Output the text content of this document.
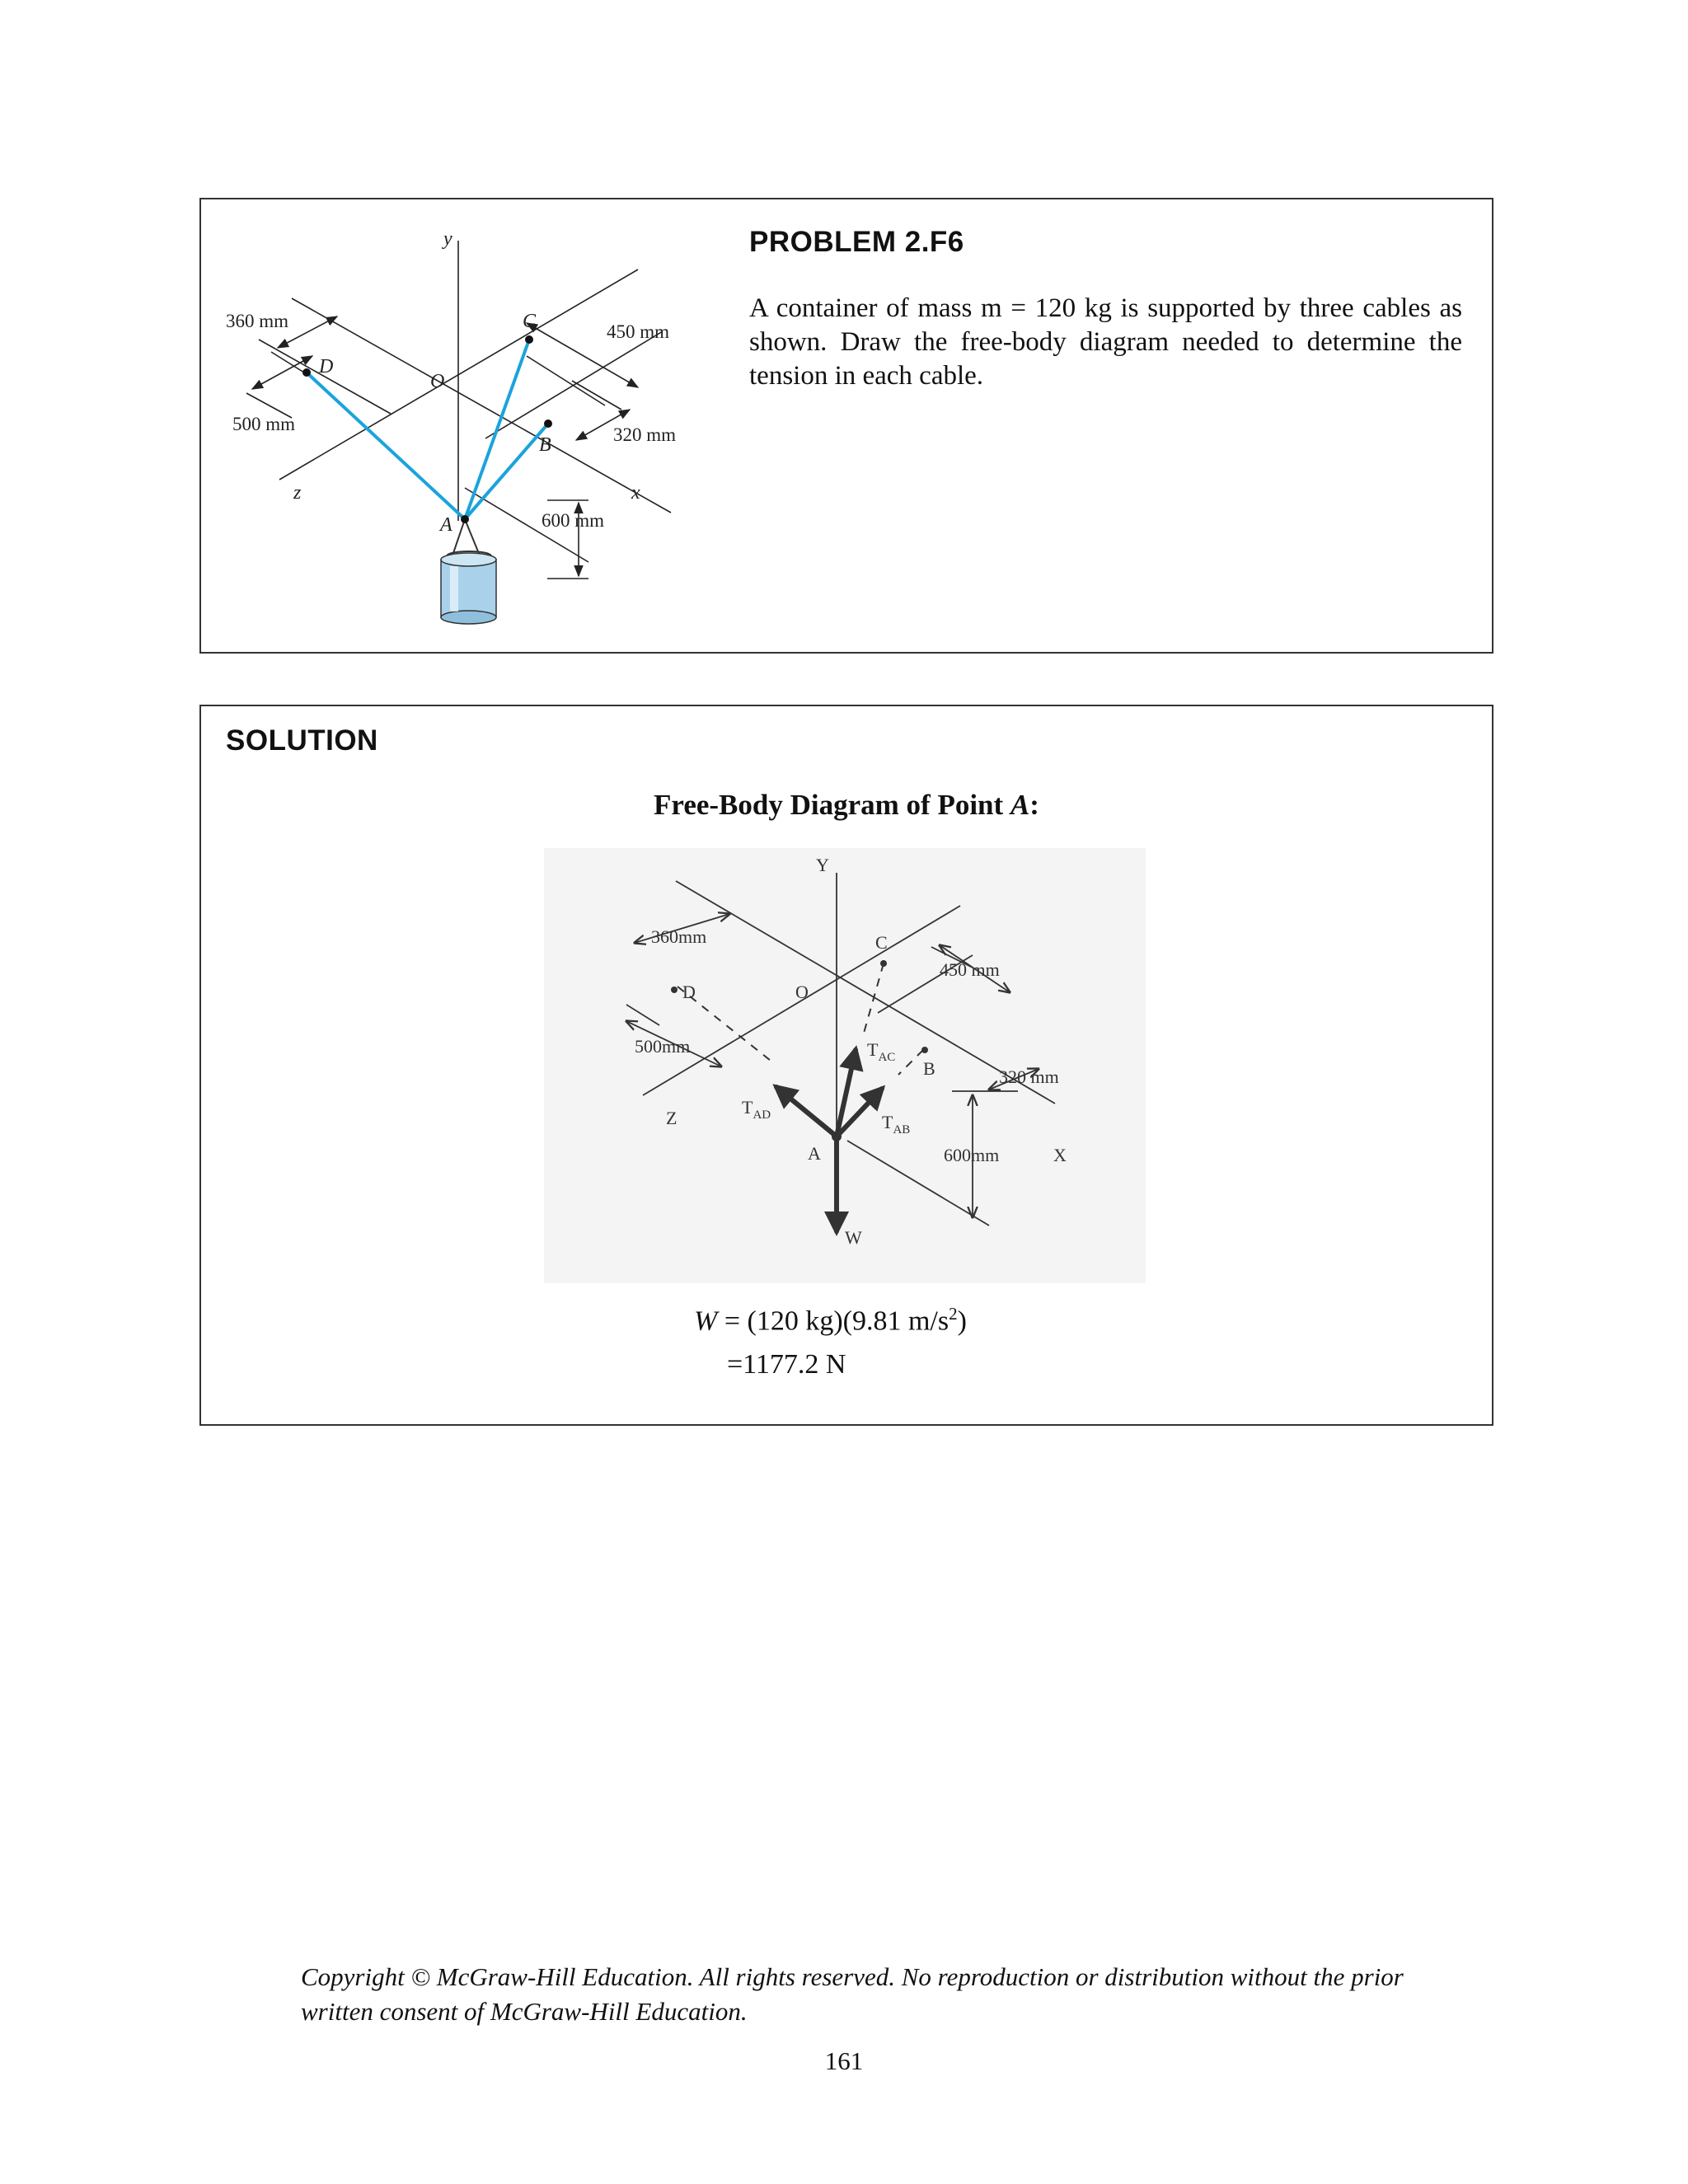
y
z	x
O
A
B
C
D
360 mm
500 mm
450 mm
320 mm
600 mm
PROBLEM 2.F6

A container of mass m = 120 kg is supported by three cables as shown. Draw the free-body diagram needed to determine the tension in each cable.

SOLUTION

Free-Body Diagram of Point A:

Y
Z
X
O
A
B
C
D
360mm
500mm
450 mm
320 mm
600mm
$T_{AD}$
$T_{AC}$
$T_{AB}$
W
W = (120 kg)(9.81 $m/s^2$)
=1177.2 N

Copyright © McGraw-Hill Education. All rights reserved. No reproduction or distribution without the prior written consent of McGraw-Hill Education.

161
